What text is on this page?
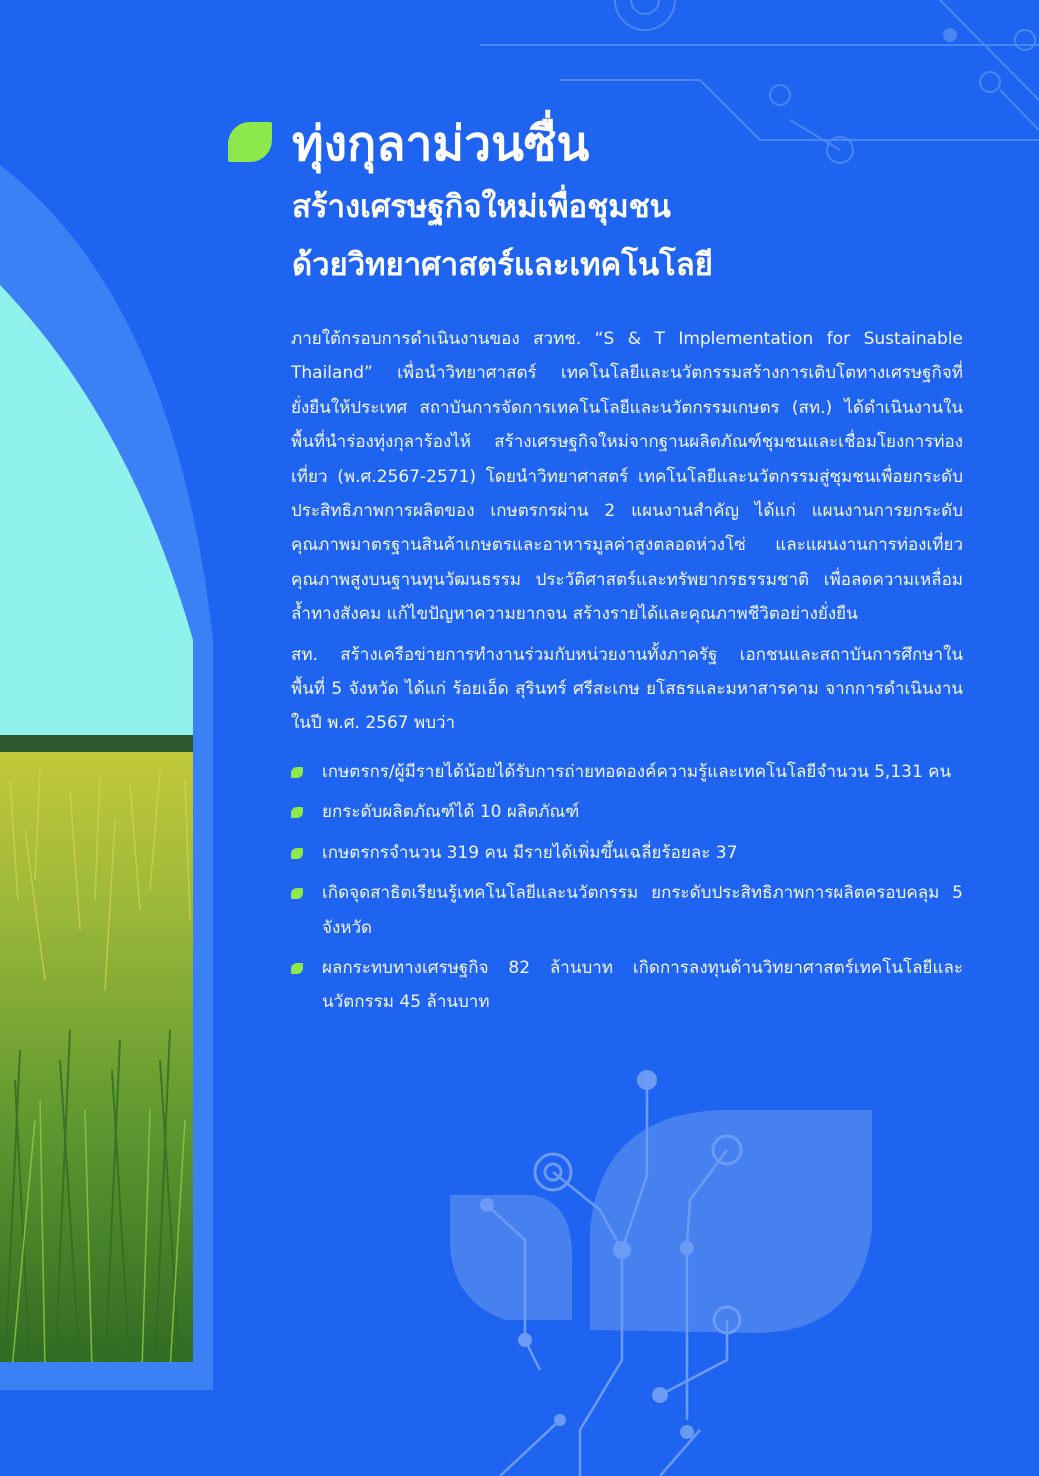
ทุ่งกุลาม่วนซื่น
สร้างเศรษฐกิจใหม่เพื่อชุมชน
ด้วยวิทยาศาสตร์และเทคโนโลยี

ภายใต้กรอบการดำเนินงานของ สวทช. “S & T Implementation for Sustainable Thailand” เพื่อนำวิทยาศาสตร์ เทคโนโลยีและนวัตกรรมสร้างการเติบโตทางเศรษฐกิจที่ยั่งยืนให้ประเทศ สถาบันการจัดการเทคโนโลยีและนวัตกรรมเกษตร (สท.) ได้ดำเนินงานในพื้นที่นำร่องทุ่งกุลาร้องไห้ สร้างเศรษฐกิจใหม่จากฐานผลิตภัณฑ์ชุมชนและเชื่อมโยงการท่องเที่ยว (พ.ศ.2567-2571) โดยนำวิทยาศาสตร์ เทคโนโลยีและนวัตกรรมสู่ชุมชนเพื่อยกระดับประสิทธิภาพการผลิตของ เกษตรกรผ่าน 2 แผนงานสำคัญ ได้แก่ แผนงานการยกระดับคุณภาพมาตรฐานสินค้าเกษตรและอาหารมูลค่าสูงตลอดห่วงโซ่ และแผนงานการท่องเที่ยวคุณภาพสูงบนฐานทุนวัฒนธรรม ประวัติศาสตร์และทรัพยากรธรรมชาติ เพื่อลดความเหลื่อมล้ำทางสังคม แก้ไขปัญหาความยากจน สร้างรายได้และคุณภาพชีวิตอย่างยั่งยืน

สท. สร้างเครือข่ายการทำงานร่วมกับหน่วยงานทั้งภาครัฐ เอกชนและสถาบันการศึกษาในพื้นที่ 5 จังหวัด ได้แก่ ร้อยเอ็ด สุรินทร์ ศรีสะเกษ ยโสธรและมหาสารคาม จากการดำเนินงานในปี พ.ศ. 2567 พบว่า

เกษตรกร/ผู้มีรายได้น้อยได้รับการถ่ายทอดองค์ความรู้และเทคโนโลยีจำนวน 5,131 คน
ยกระดับผลิตภัณฑ์ได้ 10 ผลิตภัณฑ์
เกษตรกรจำนวน 319 คน มีรายได้เพิ่มขึ้นเฉลี่ยร้อยละ 37
เกิดจุดสาธิตเรียนรู้เทคโนโลยีและนวัตกรรม ยกระดับประสิทธิภาพการผลิตครอบคลุม 5 จังหวัด
ผลกระทบทางเศรษฐกิจ 82 ล้านบาท เกิดการลงทุนด้านวิทยาศาสตร์เทคโนโลยีและนวัตกรรม 45 ล้านบาท
